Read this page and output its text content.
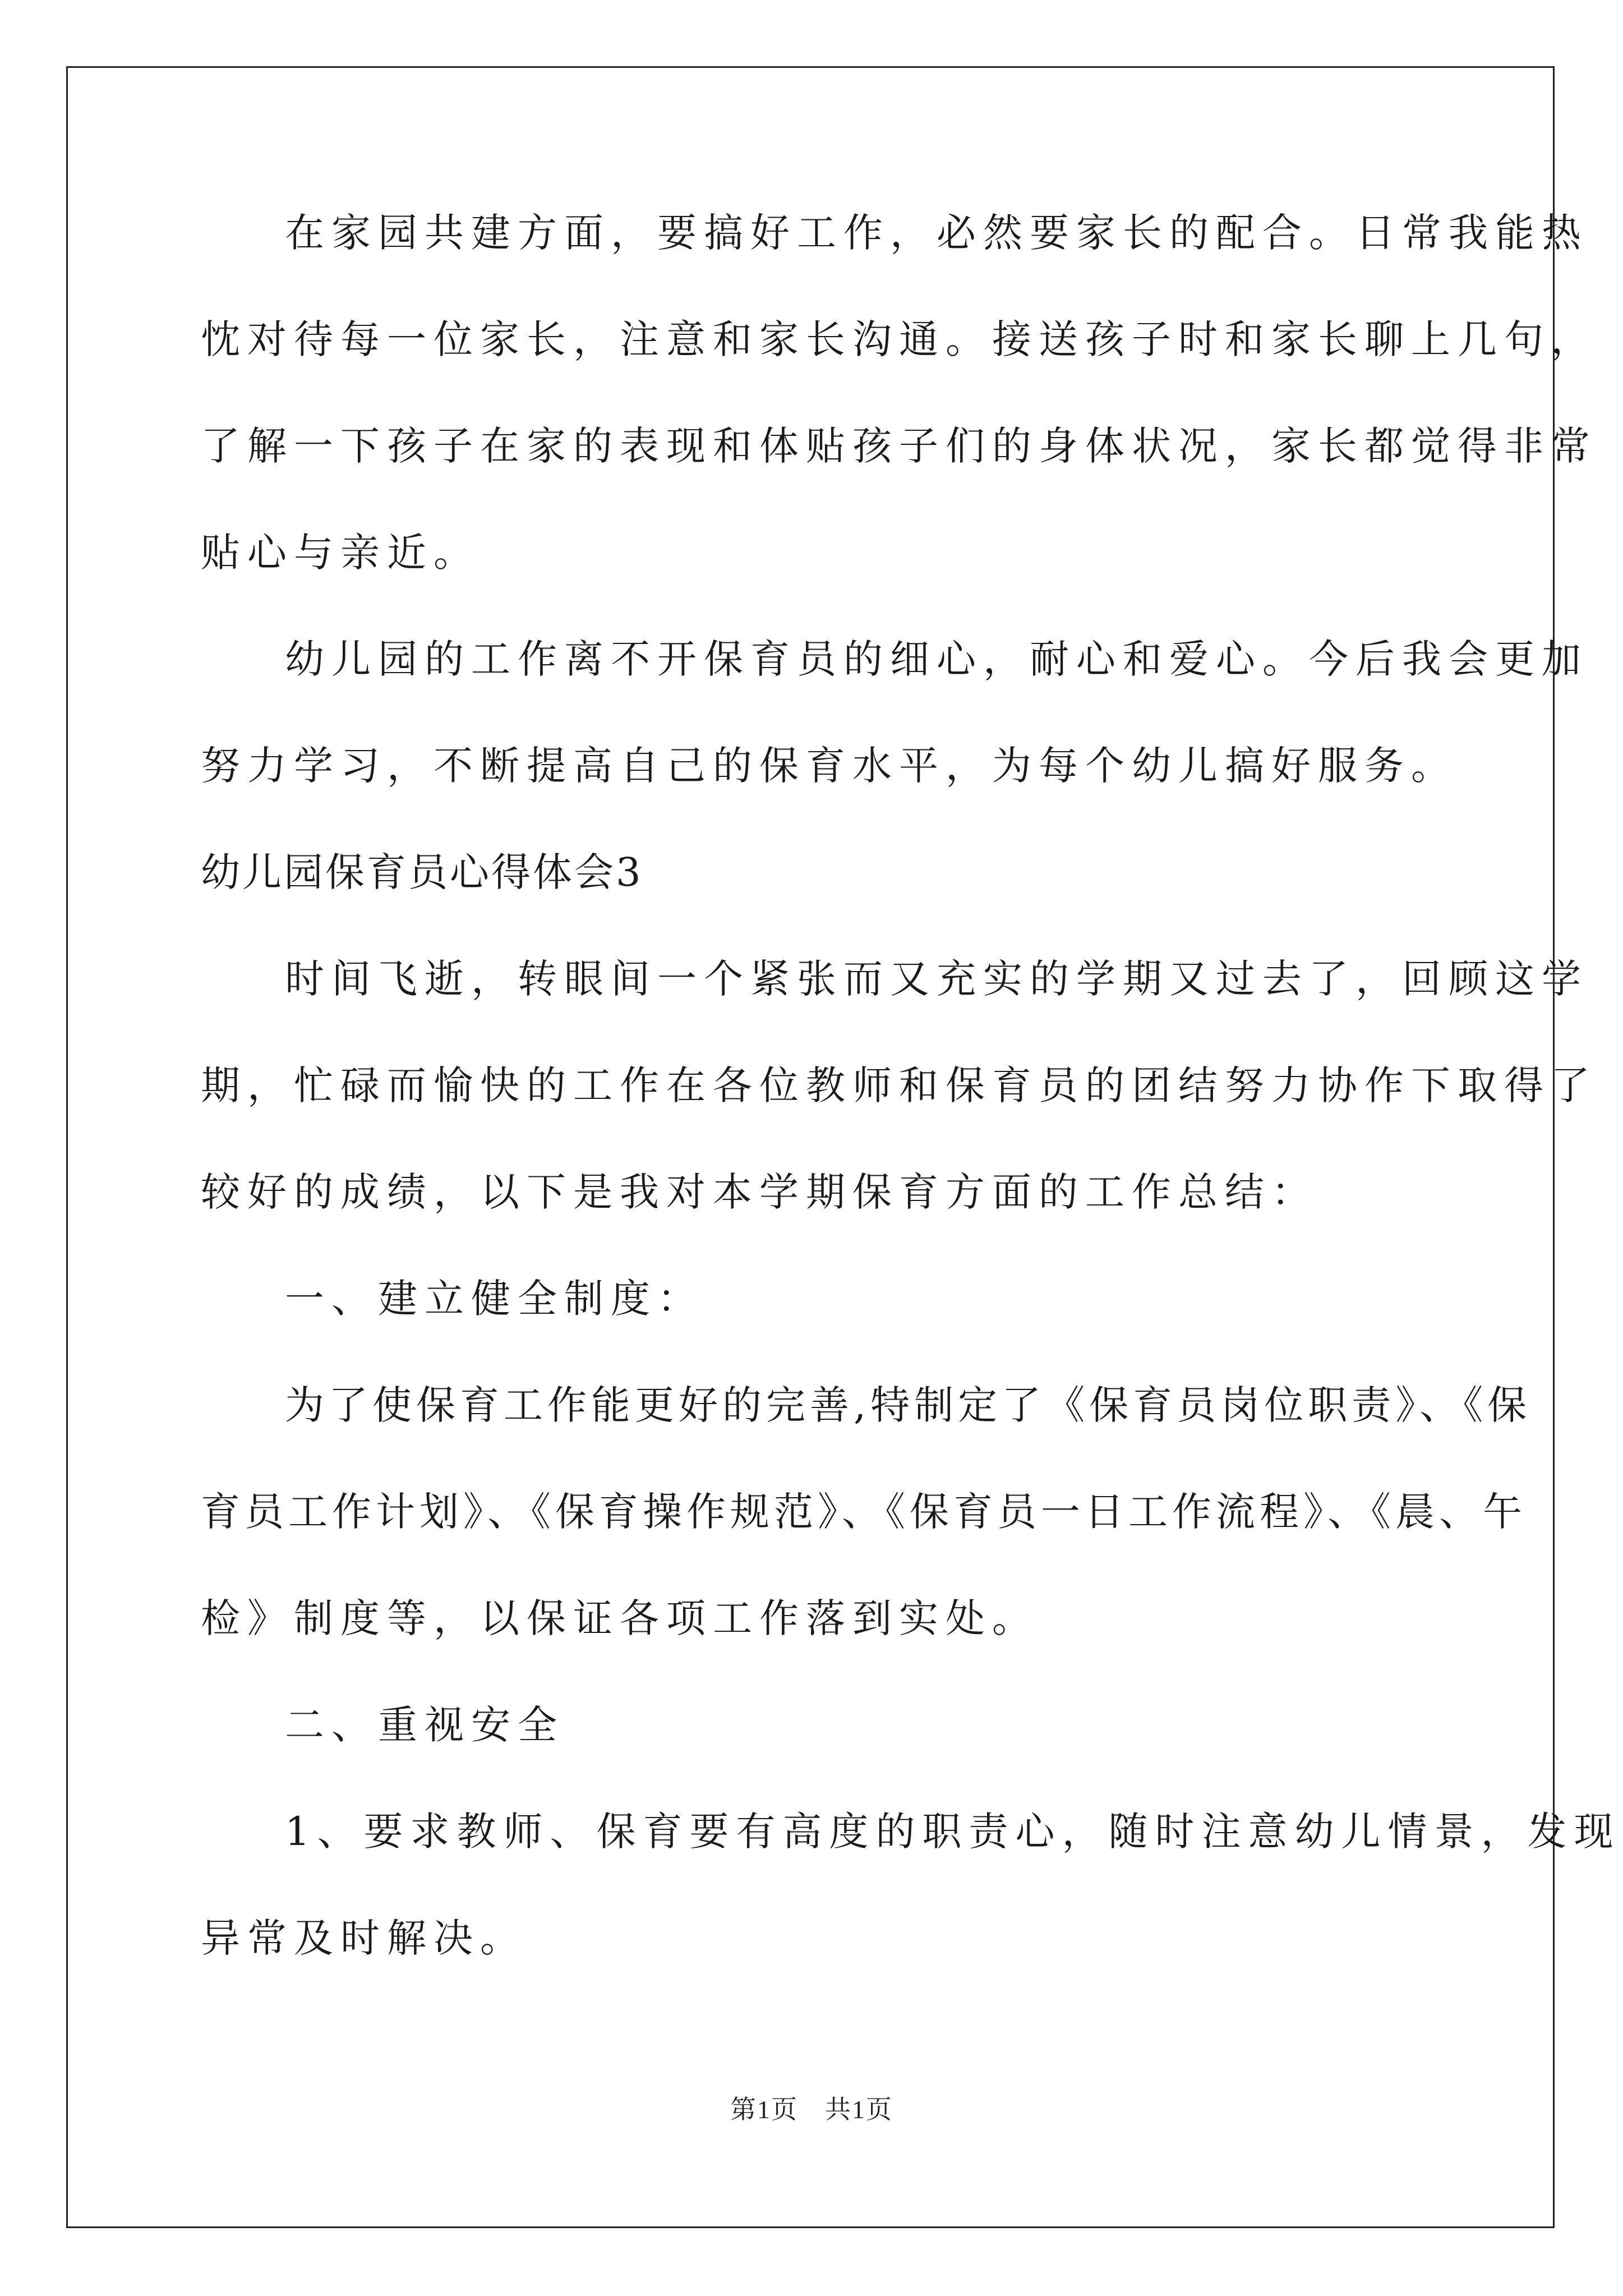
在家园共建方面，要搞好工作，必然要家长的配合。日常我能热

忱对待每一位家长，注意和家长沟通。接送孩子时和家长聊上几句，

了解一下孩子在家的表现和体贴孩子们的身体状况，家长都觉得非常

贴心与亲近。

幼儿园的工作离不开保育员的细心，耐心和爱心。今后我会更加

努力学习，不断提高自己的保育水平，为每个幼儿搞好服务。

幼儿园保育员心得体会3

时间飞逝，转眼间一个紧张而又充实的学期又过去了，回顾这学

期，忙碌而愉快的工作在各位教师和保育员的团结努力协作下取得了

较好的成绩，以下是我对本学期保育方面的工作总结：

一、建立健全制度：

为了使保育工作能更好的完善,特制定了《保育员岗位职责》、《保

育员工作计划》、《保育操作规范》、《保育员一日工作流程》、《晨、午

检》制度等，以保证各项工作落到实处。

二、重视安全

1、要求教师、保育要有高度的职责心，随时注意幼儿情景，发现

异常及时解决。

第1页 共1页
